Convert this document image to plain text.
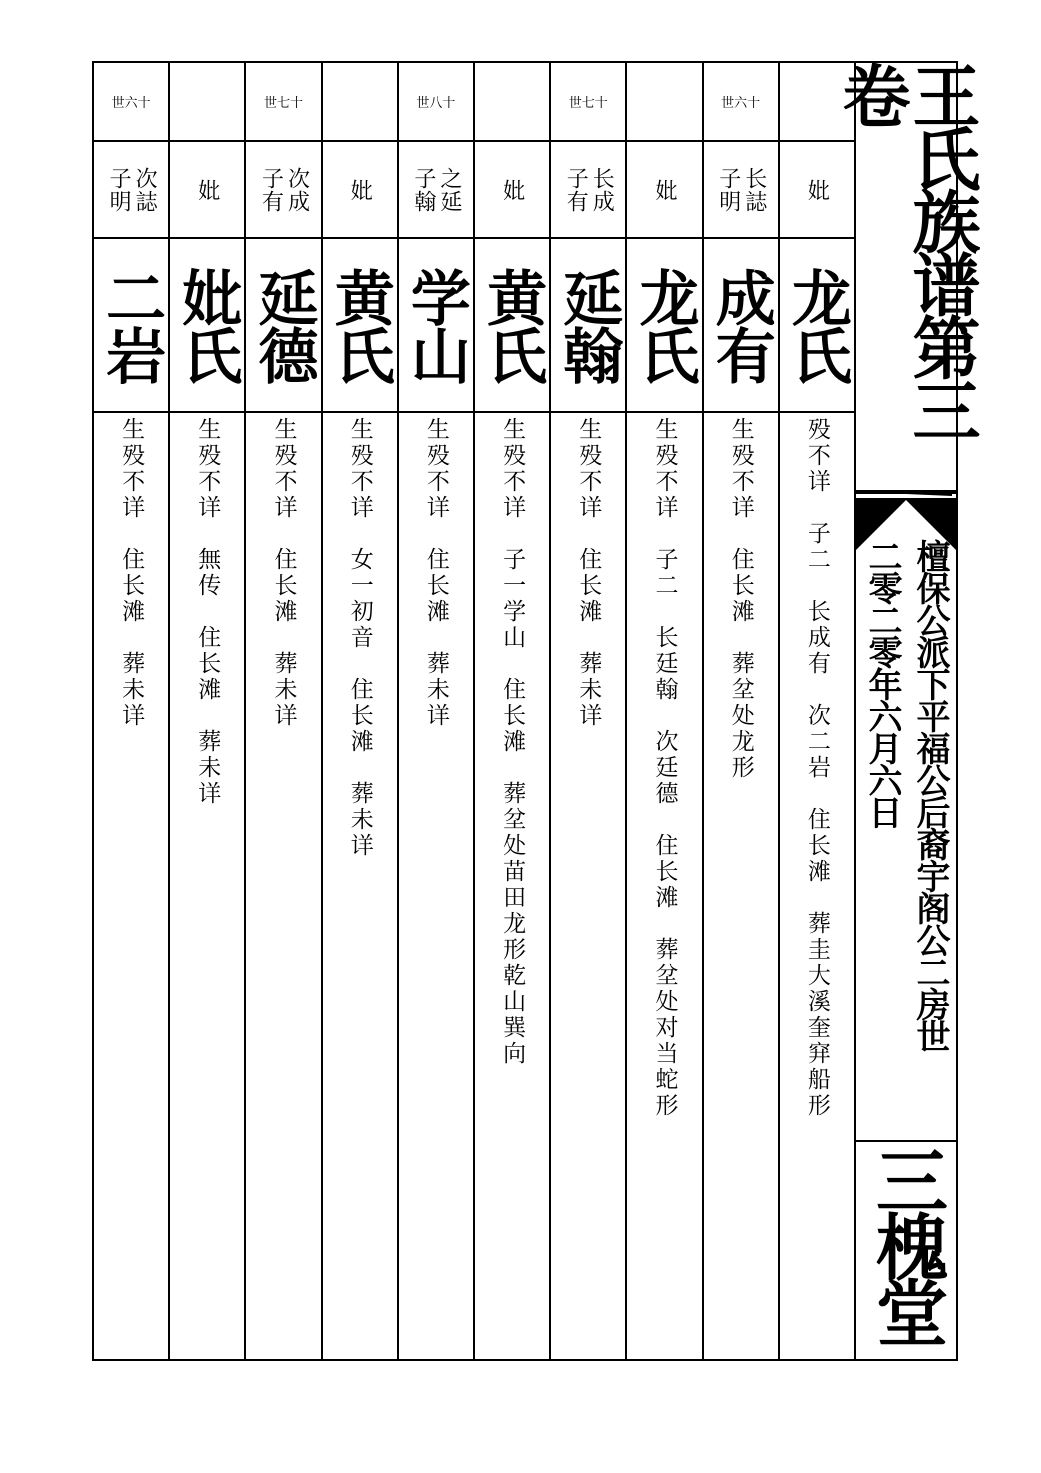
世六十
次誌
子明
二岩
生殁不详　住长滩　葬未详
妣
妣氏
生殁不详　無传　住长滩　葬未详
世七十
次成
子有
延德
生殁不详　住长滩　葬未详
妣
黄氏
生殁不详　女一初音　住长滩　葬未详
世八十
之延
子翰
学山
生殁不详　住长滩　葬未详
妣
黄氏
生殁不详　子一学山　住长滩　葬坌处苗田龙形乾山巽向
世七十
长成
子有
延翰
生殁不详　住长滩　葬未详
妣
龙氏
生殁不详　子二　长廷翰　次廷德　住长滩　葬坌处对当蛇形
世六十
长誌
子明
成有
生殁不详　住长滩　葬坌处龙形
妣
龙氏
殁不详　子二　长成有　次二岩　住长滩　葬圭大溪奎穽船形
王氏族谱第三卷
檀保公派下平福公后裔宇阁公二房世
二零二零年六月六日
三槐堂
